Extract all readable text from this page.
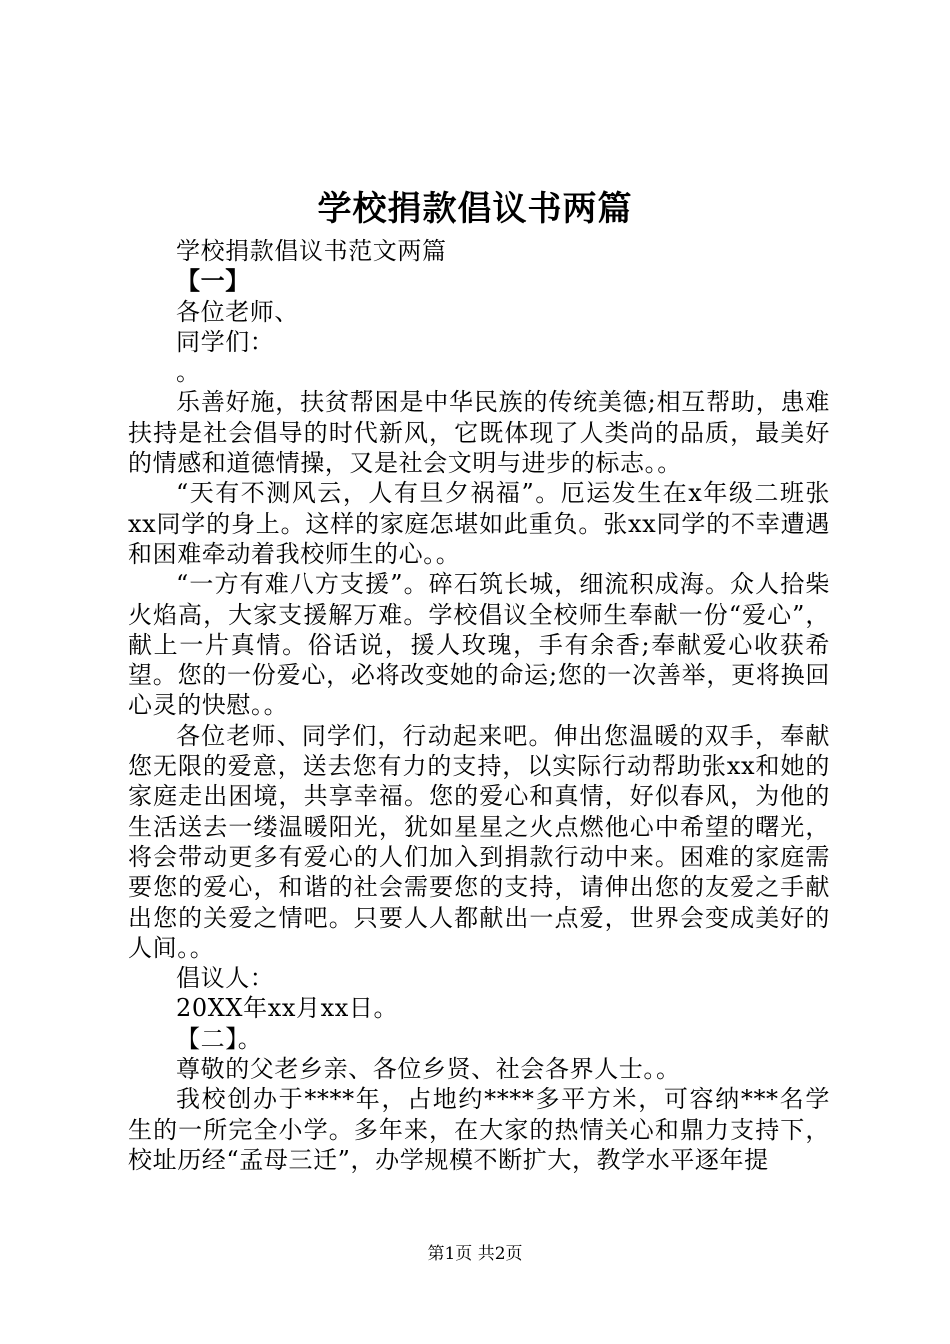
学校捐款倡议书两篇

学校捐款倡议书范文两篇

【一】

各位老师、

同学们：

。

乐善好施，扶贫帮困是中华民族的传统美德;相互帮助，患难扶持是社会倡导的时代新风，它既体现了人类尚的品质，最美好的情感和道德情操，又是社会文明与进步的标志。。

“天有不测风云，人有旦夕祸福”。厄运发生在x年级二班张xx同学的身上。这样的家庭怎堪如此重负。张xx同学的不幸遭遇和困难牵动着我校师生的心。。

“一方有难八方支援”。碎石筑长城，细流积成海。众人拾柴火焰高，大家支援解万难。学校倡议全校师生奉献一份“爱心”，献上一片真情。俗话说，援人玫瑰，手有余香;奉献爱心收获希望。您的一份爱心，必将改变她的命运;您的一次善举，更将换回心灵的快慰。。

各位老师、同学们，行动起来吧。伸出您温暖的双手，奉献您无限的爱意，送去您有力的支持，以实际行动帮助张xx和她的家庭走出困境，共享幸福。您的爱心和真情，好似春风，为他的生活送去一缕温暖阳光，犹如星星之火点燃他心中希望的曙光，将会带动更多有爱心的人们加入到捐款行动中来。困难的家庭需要您的爱心，和谐的社会需要您的支持，请伸出您的友爱之手献出您的关爱之情吧。只要人人都献出一点爱，世界会变成美好的人间。。

倡议人：

20XX年xx月xx日。

【二】。

尊敬的父老乡亲、各位乡贤、社会各界人士。。

我校创办于****年，占地约****多平方米，可容纳***名学生的一所完全小学。多年来，在大家的热情关心和鼎力支持下，校址历经“孟母三迁”，办学规模不断扩大，教学水平逐年提

第1页 共2页
